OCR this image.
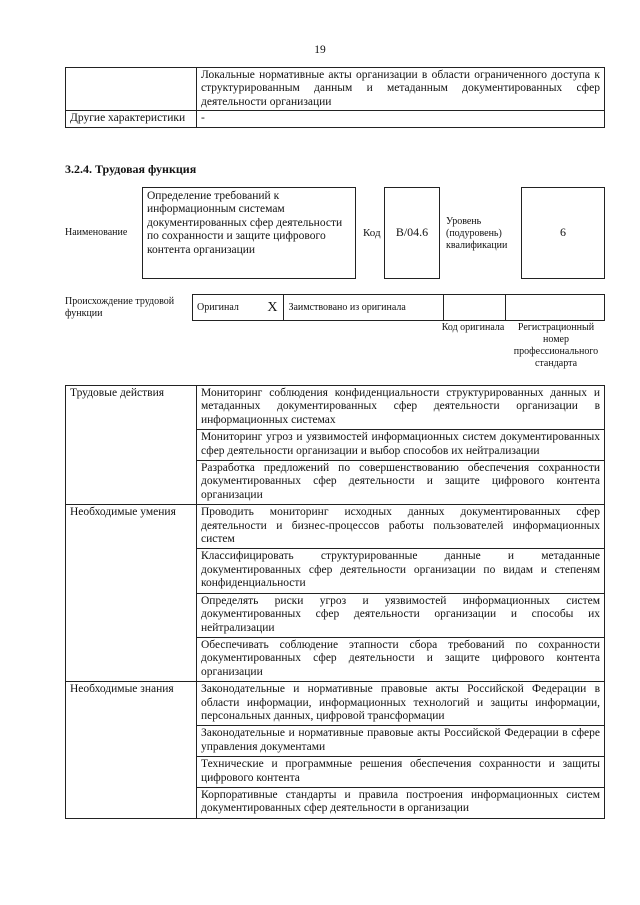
19
	Локальные нормативные акты организации в области ограниченного доступа к структурированным данным и метаданным документированных сфер деятельности организации
Другие характеристики	-
3.2.4. Трудовая функция
Наименование
Определение требований к информационным системам документированных сфер деятельности по сохранности и защите цифрового контента организации
Код	B/04.6
Уровень (подуровень) квалификации
6
Происхождение трудовой функции
Оригинал	X	Заимствовано из оригинала		
Код оригинала	Регистрационный номер профессионального стандарта
Трудовые действия	Мониторинг соблюдения конфиденциальности структурированных данных и метаданных документированных сфер деятельности организации в информационных системах
	Мониторинг угроз и уязвимостей информационных систем документированных сфер деятельности организации и выбор способов их нейтрализации
	Разработка предложений по совершенствованию обеспечения сохранности документированных сфер деятельности и защите цифрового контента организации
Необходимые умения	Проводить мониторинг исходных данных документированных сфер деятельности и бизнес-процессов работы пользователей информационных систем
	Классифицировать структурированные данные и метаданные документированных сфер деятельности организации по видам и степеням конфиденциальности
	Определять риски угроз и уязвимостей информационных систем документированных сфер деятельности организации и способы их нейтрализации
	Обеспечивать соблюдение этапности сбора требований по сохранности документированных сфер деятельности и защите цифрового контента организации
Необходимые знания	Законодательные и нормативные правовые акты Российской Федерации в области информации, информационных технологий и защиты информации, персональных данных, цифровой трансформации
	Законодательные и нормативные правовые акты Российской Федерации в сфере управления документами
	Технические и программные решения обеспечения сохранности и защиты цифрового контента
	Корпоративные стандарты и правила построения информационных систем документированных сфер деятельности в организации
